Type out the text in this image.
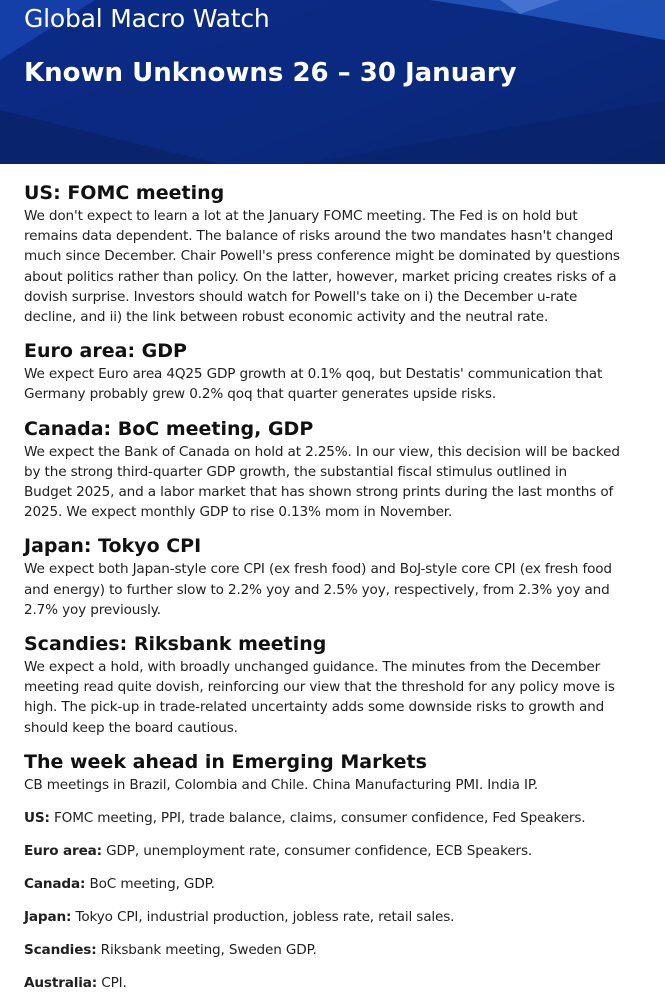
Global Macro Watch
Known Unknowns 26 – 30 January
US: FOMC meeting
We don't expect to learn a lot at the January FOMC meeting. The Fed is on hold but
remains data dependent. The balance of risks around the two mandates hasn't changed
much since December. Chair Powell's press conference might be dominated by questions
about politics rather than policy. On the latter, however, market pricing creates risks of a
dovish surprise. Investors should watch for Powell's take on i) the December u-rate
decline, and ii) the link between robust economic activity and the neutral rate.
Euro area: GDP
We expect Euro area 4Q25 GDP growth at 0.1% qoq, but Destatis' communication that
Germany probably grew 0.2% qoq that quarter generates upside risks.
Canada: BoC meeting, GDP
We expect the Bank of Canada on hold at 2.25%. In our view, this decision will be backed
by the strong third-quarter GDP growth, the substantial fiscal stimulus outlined in
Budget 2025, and a labor market that has shown strong prints during the last months of
2025. We expect monthly GDP to rise 0.13% mom in November.
Japan: Tokyo CPI
We expect both Japan-style core CPI (ex fresh food) and BoJ-style core CPI (ex fresh food
and energy) to further slow to 2.2% yoy and 2.5% yoy, respectively, from 2.3% yoy and
2.7% yoy previously.
Scandies: Riksbank meeting
We expect a hold, with broadly unchanged guidance. The minutes from the December
meeting read quite dovish, reinforcing our view that the threshold for any policy move is
high. The pick-up in trade-related uncertainty adds some downside risks to growth and
should keep the board cautious.
The week ahead in Emerging Markets
CB meetings in Brazil, Colombia and Chile. China Manufacturing PMI. India IP.
US: FOMC meeting, PPI, trade balance, claims, consumer confidence, Fed Speakers.
Euro area: GDP, unemployment rate, consumer confidence, ECB Speakers.
Canada: BoC meeting, GDP.
Japan: Tokyo CPI, industrial production, jobless rate, retail sales.
Scandies: Riksbank meeting, Sweden GDP.
Australia: CPI.
